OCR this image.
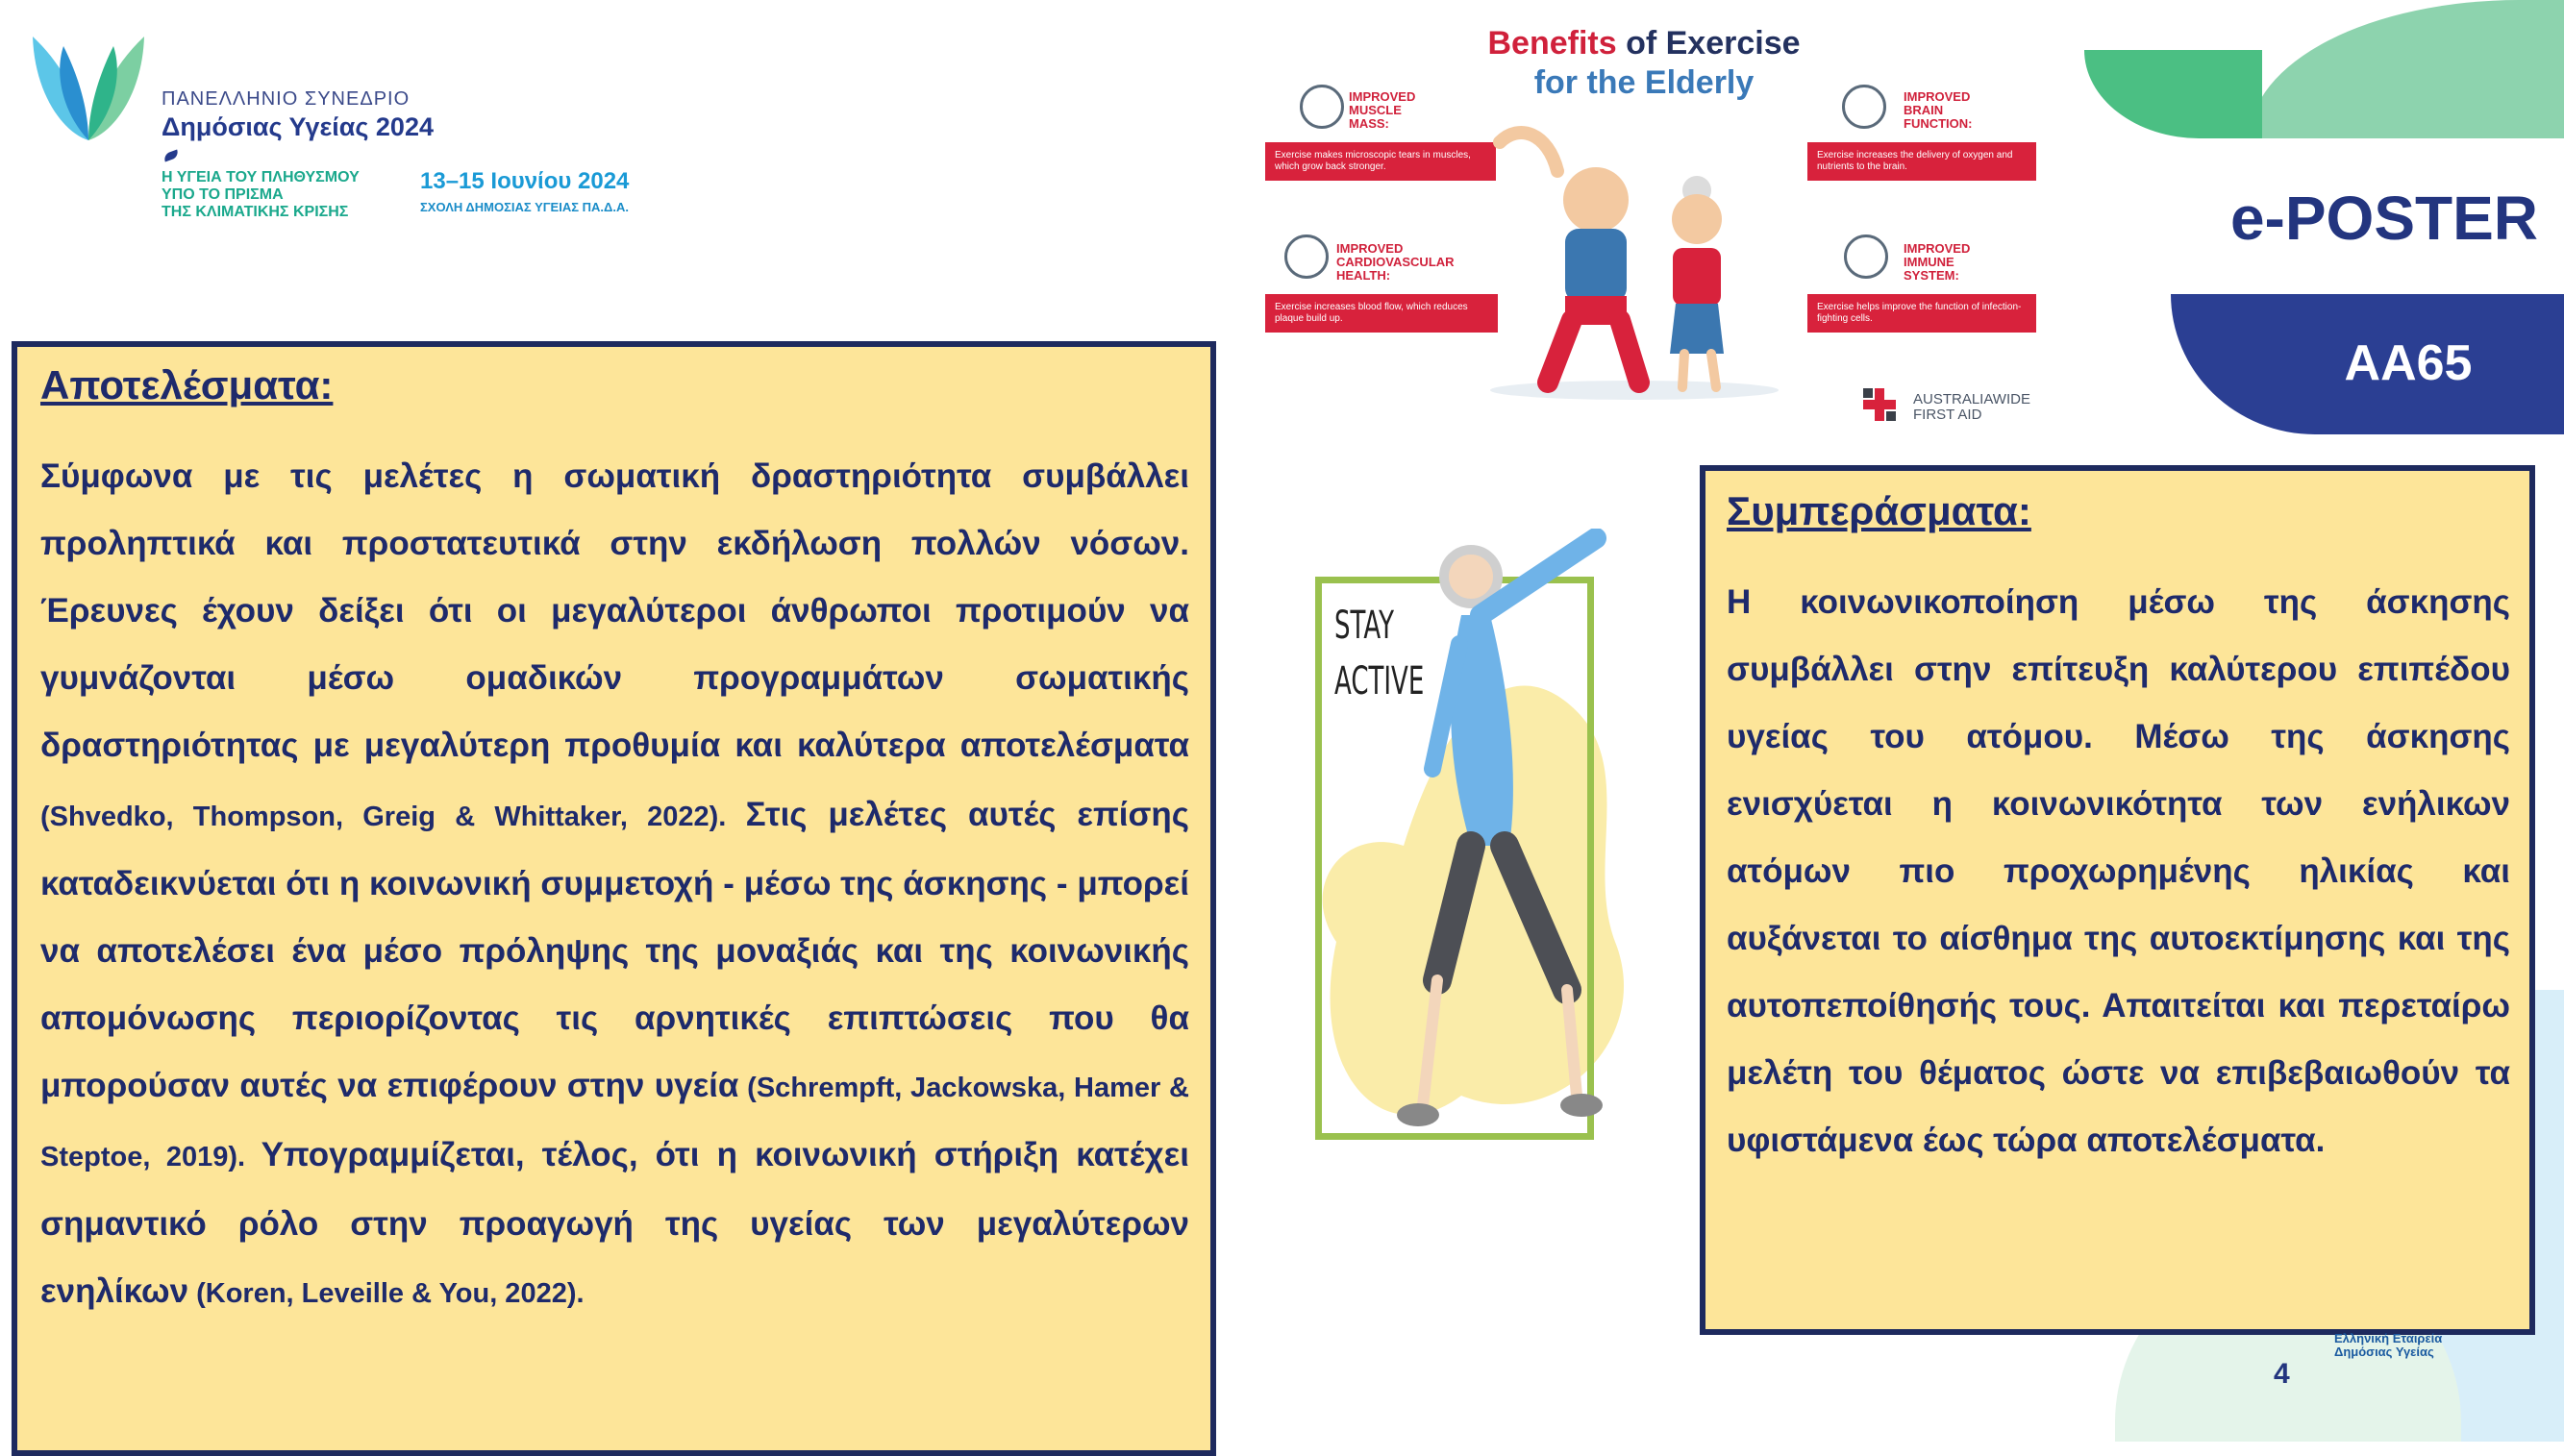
ΠΑΝΕΛΛΗΝΙΟ ΣΥΝΕΔΡΙΟ
Δημόσιας Υγείας 2024
Η ΥΓΕΙΑ ΤΟΥ ΠΛΗΘΥΣΜΟΥ
ΥΠΟ ΤΟ ΠΡΙΣΜΑ
ΤΗΣ ΚΛΙΜΑΤΙΚΗΣ ΚΡΙΣΗΣ
13–15 Ιουνίου 2024
ΣΧΟΛΗ ΔΗΜΟΣΙΑΣ ΥΓΕΙΑΣ ΠΑ.Δ.Α.	e-POSTER
AA65
Benefits of Exercise
for the Elderly
IMPROVED
MUSCLE
MASS:
Exercise makes microscopic tears in muscles, which grow back stronger.
IMPROVED
BRAIN
FUNCTION:
Exercise increases the delivery of oxygen and nutrients to the brain.
IMPROVED
CARDIOVASCULAR
HEALTH:
Exercise increases blood flow, which reduces plaque build up.
IMPROVED
IMMUNE
SYSTEM:
Exercise helps improve the function of infection-fighting cells.
AUSTRALIAWIDE
FIRST AID
STAY
ACTIVE
Αποτελέσματα:
Σύμφωνα με τις μελέτες η σωματική δραστηριότητα συμβάλλει προληπτικά και προστατευτικά στην εκδήλωση πολλών νόσων. Έρευνες έχουν δείξει ότι οι μεγαλύτεροι άνθρωποι προτιμούν να γυμνάζονται μέσω ομαδικών προγραμμάτων σωματικής δραστηριότητας με μεγαλύτερη προθυμία και καλύτερα αποτελέσματα (Shvedko, Thompson, Greig & Whittaker, 2022). Στις μελέτες αυτές επίσης καταδεικνύεται ότι η κοινωνική συμμετοχή - μέσω της άσκησης - μπορεί να αποτελέσει ένα μέσο πρόληψης της μοναξιάς και της κοινωνικής απομόνωσης περιορίζοντας τις αρνητικές επιπτώσεις που θα μπορούσαν αυτές να επιφέρουν στην υγεία (Schrempft, Jackowska, Hamer & Steptoe, 2019). Υπογραμμίζεται, τέλος, ότι η κοινωνική στήριξη κατέχει σημαντικό ρόλο στην προαγωγή της υγείας των μεγαλύτερων ενηλίκων (Koren, Leveille & You, 2022).
Συμπεράσματα:
Η κοινωνικοποίηση μέσω της άσκησης συμβάλλει στην επίτευξη καλύτερου επιπέδου υγείας του ατόμου. Μέσω της άσκησης ενισχύεται η κοινωνικότητα των ενήλικων ατόμων πιο προχωρημένης ηλικίας και αυξάνεται το αίσθημα της αυτοεκτίμησης και της αυτοπεποίθησής τους. Απαιτείται και περεταίρω μελέτη του θέματος ώστε να επιβεβαιωθούν τα υφιστάμενα έως τώρα αποτελέσματα.
4
Ελληνική Εταιρεία
Δημόσιας Υγείας
